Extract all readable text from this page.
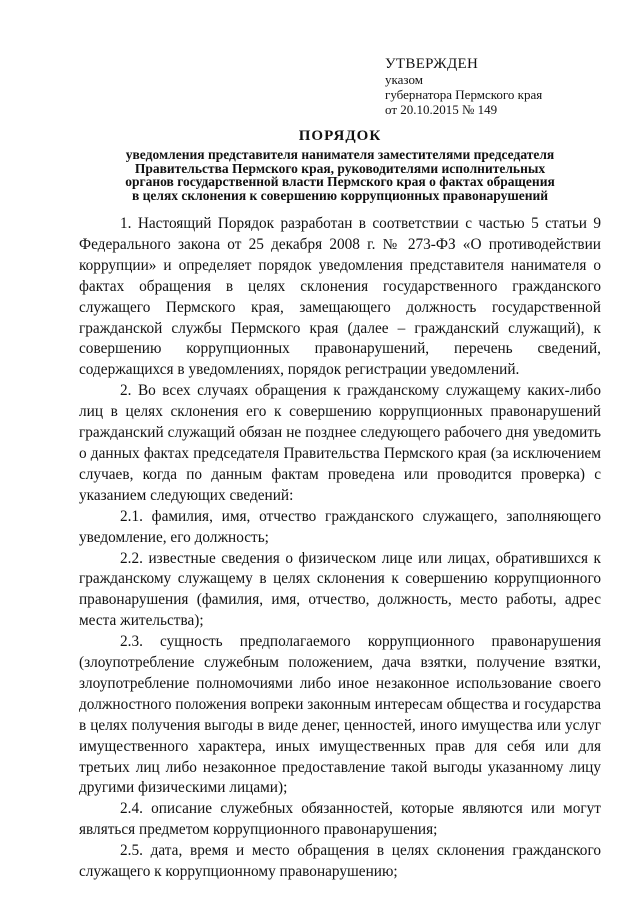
УТВЕРЖДЕН
указом
губернатора Пермского края
от 20.10.2015 № 149
ПОРЯДОК
уведомления представителя нанимателя заместителями председателя
Правительства Пермского края, руководителями исполнительных
органов государственной власти Пермского края о фактах обращения
в целях склонения к совершению коррупционных правонарушений

1. Настоящий Порядок разработан в соответствии с частью 5 статьи 9 Федерального закона от 25 декабря 2008 г. № 273-ФЗ «О противодействии коррупции» и определяет порядок уведомления представителя нанимателя о фактах обращения в целях склонения государственного гражданского служащего Пермского края, замещающего должность государственной гражданской службы Пермского края (далее – гражданский служащий), к совершению коррупционных правонарушений, перечень сведений, содержащихся в уведомлениях, порядок регистрации уведомлений.

2. Во всех случаях обращения к гражданскому служащему каких-либо лиц в целях склонения его к совершению коррупционных правонарушений гражданский служащий обязан не позднее следующего рабочего дня уведомить о данных фактах председателя Правительства Пермского края (за исключением случаев, когда по данным фактам проведена или проводится проверка) с указанием следующих сведений:

2.1. фамилия, имя, отчество гражданского служащего, заполняющего уведомление, его должность;

2.2. известные сведения о физическом лице или лицах, обратившихся к гражданскому служащему в целях склонения к совершению коррупционного правонарушения (фамилия, имя, отчество, должность, место работы, адрес места жительства);

2.3. сущность предполагаемого коррупционного правонарушения (злоупотребление служебным положением, дача взятки, получение взятки, злоупотребление полномочиями либо иное незаконное использование своего должностного положения вопреки законным интересам общества и государства в целях получения выгоды в виде денег, ценностей, иного имущества или услуг имущественного характера, иных имущественных прав для себя или для третьих лиц либо незаконное предоставление такой выгоды указанному лицу другими физическими лицами);

2.4. описание служебных обязанностей, которые являются или могут являться предметом коррупционного правонарушения;

2.5. дата, время и место обращения в целях склонения гражданского служащего к коррупционному правонарушению;
